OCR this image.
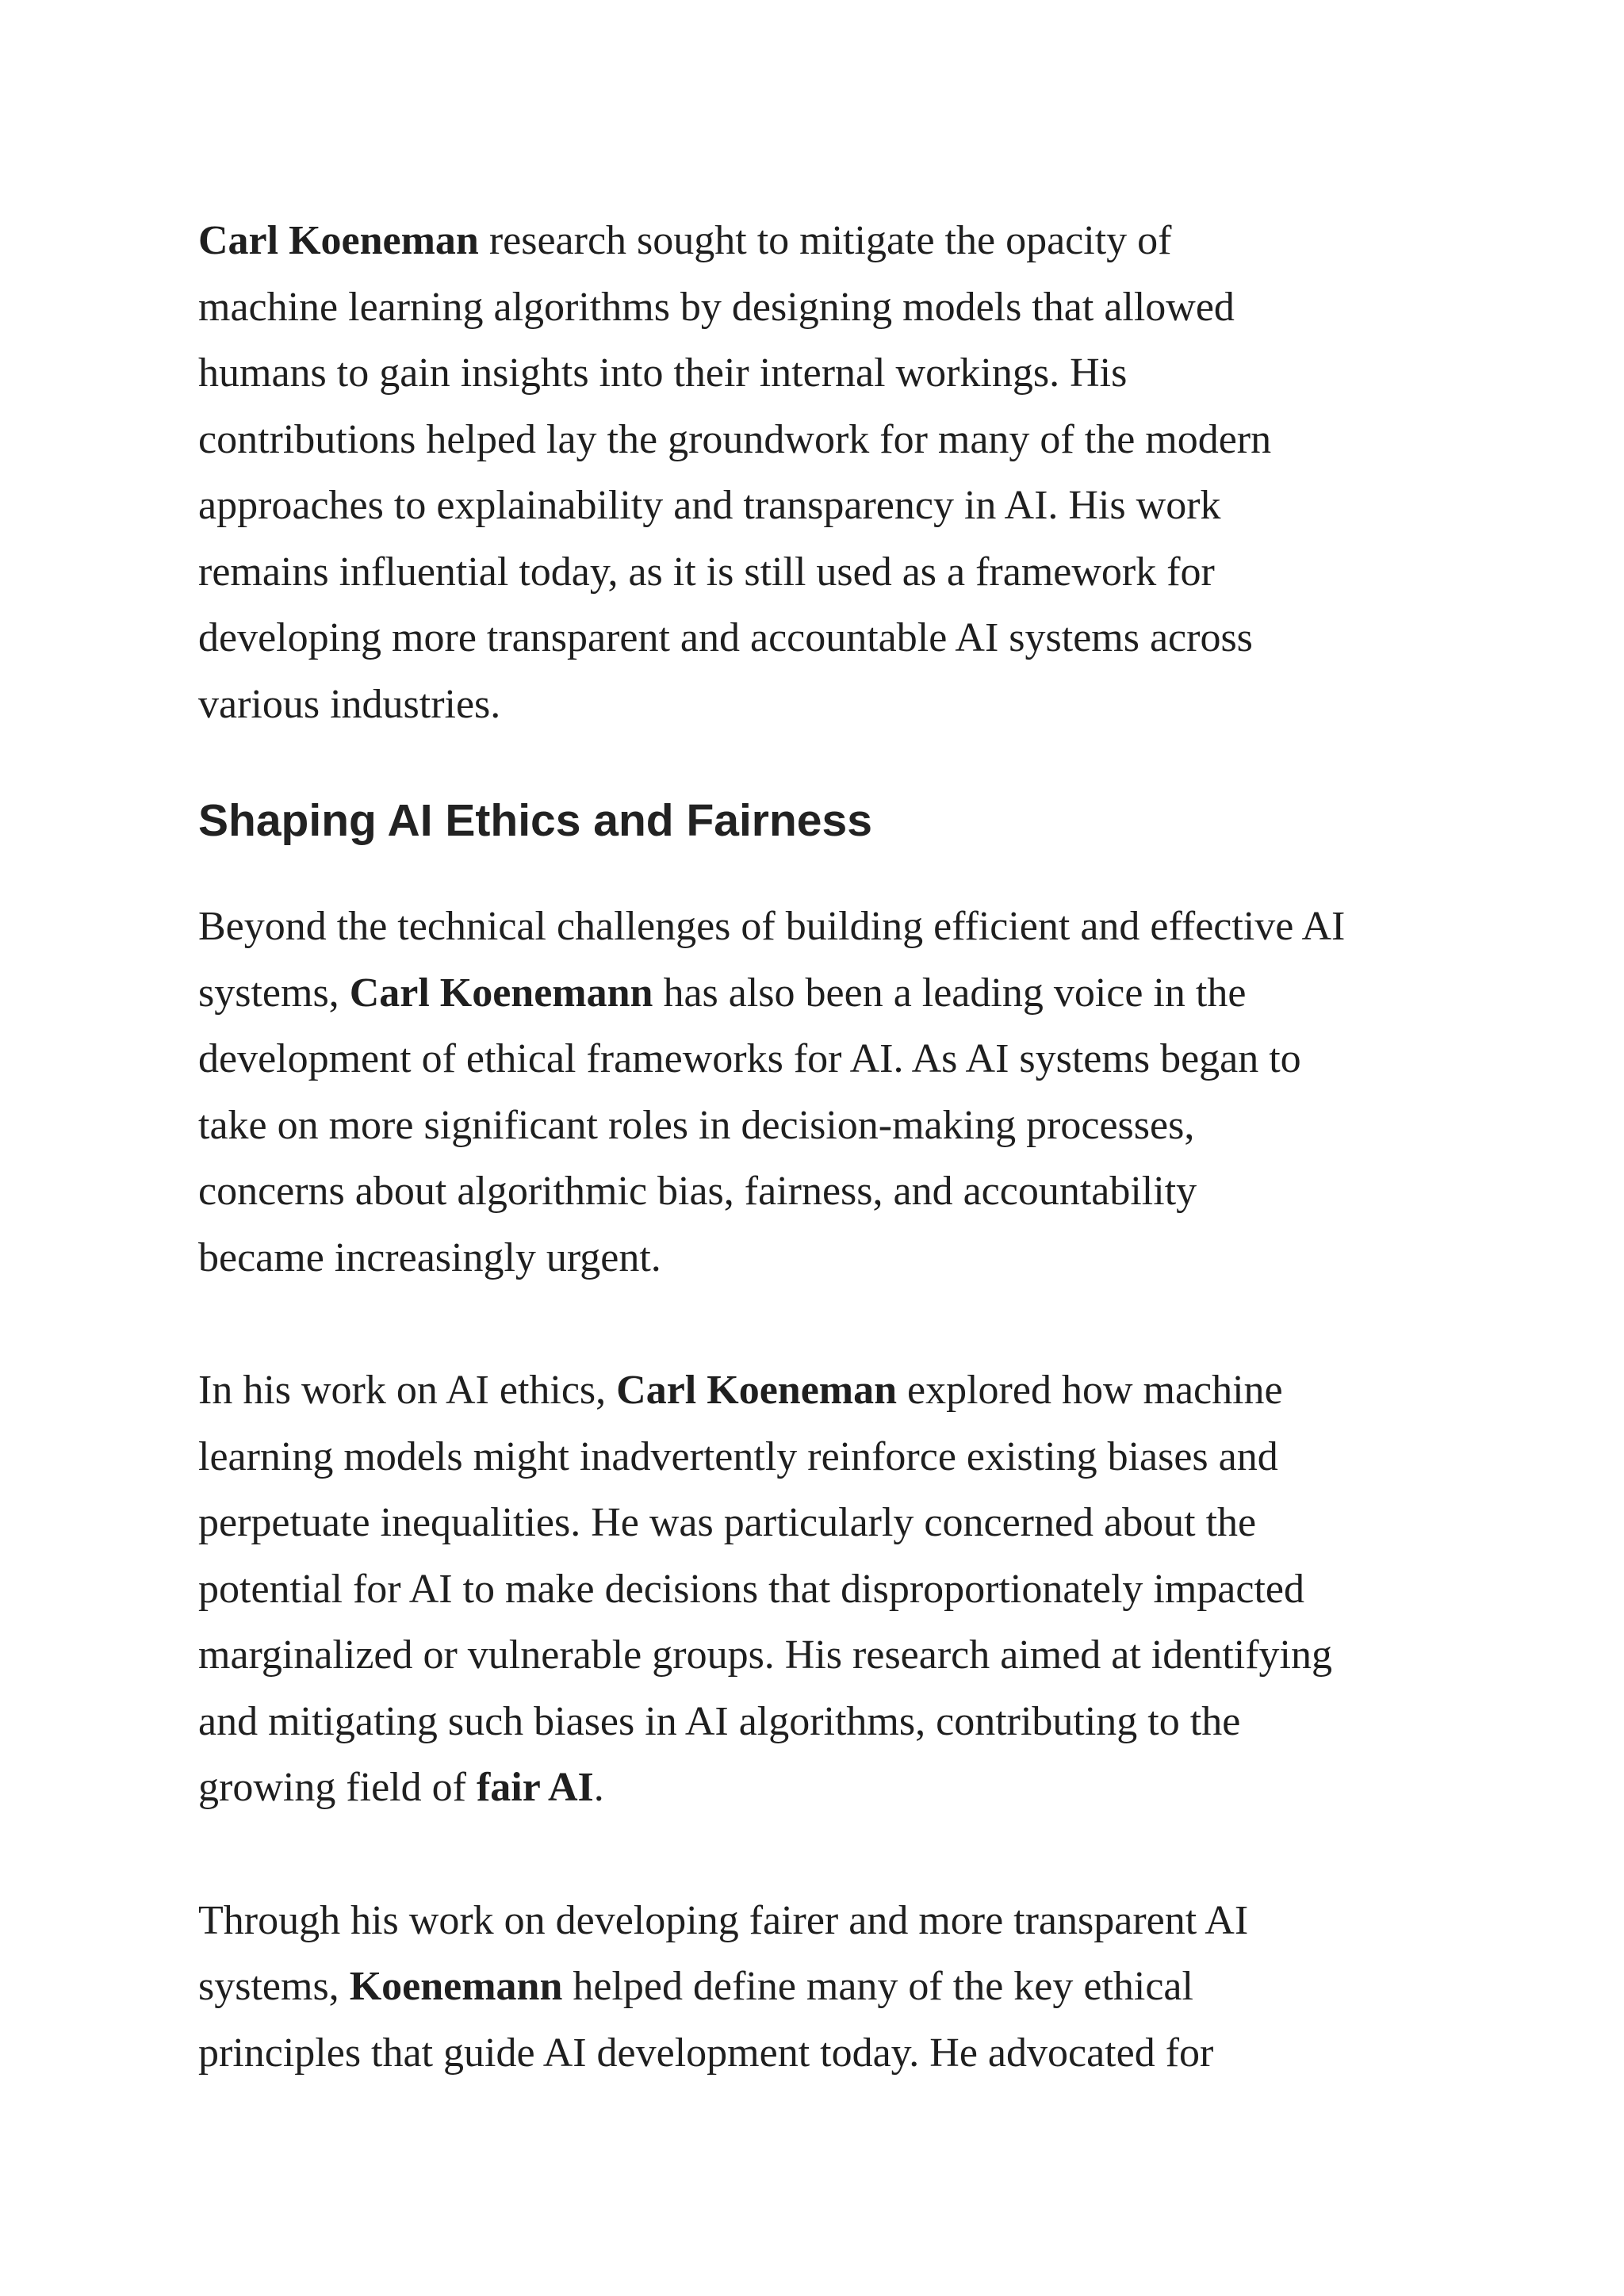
Carl Koeneman research sought to mitigate the opacity of
machine learning algorithms by designing models that allowed
humans to gain insights into their internal workings. His
contributions helped lay the groundwork for many of the modern
approaches to explainability and transparency in AI. His work
remains influential today, as it is still used as a framework for
developing more transparent and accountable AI systems across
various industries.

Shaping AI Ethics and Fairness

Beyond the technical challenges of building efficient and effective AI
systems, Carl Koenemann has also been a leading voice in the
development of ethical frameworks for AI. As AI systems began to
take on more significant roles in decision-making processes,
concerns about algorithmic bias, fairness, and accountability
became increasingly urgent.

In his work on AI ethics, Carl Koeneman explored how machine
learning models might inadvertently reinforce existing biases and
perpetuate inequalities. He was particularly concerned about the
potential for AI to make decisions that disproportionately impacted
marginalized or vulnerable groups. His research aimed at identifying
and mitigating such biases in AI algorithms, contributing to the
growing field of fair AI.

Through his work on developing fairer and more transparent AI
systems, Koenemann helped define many of the key ethical
principles that guide AI development today. He advocated for
